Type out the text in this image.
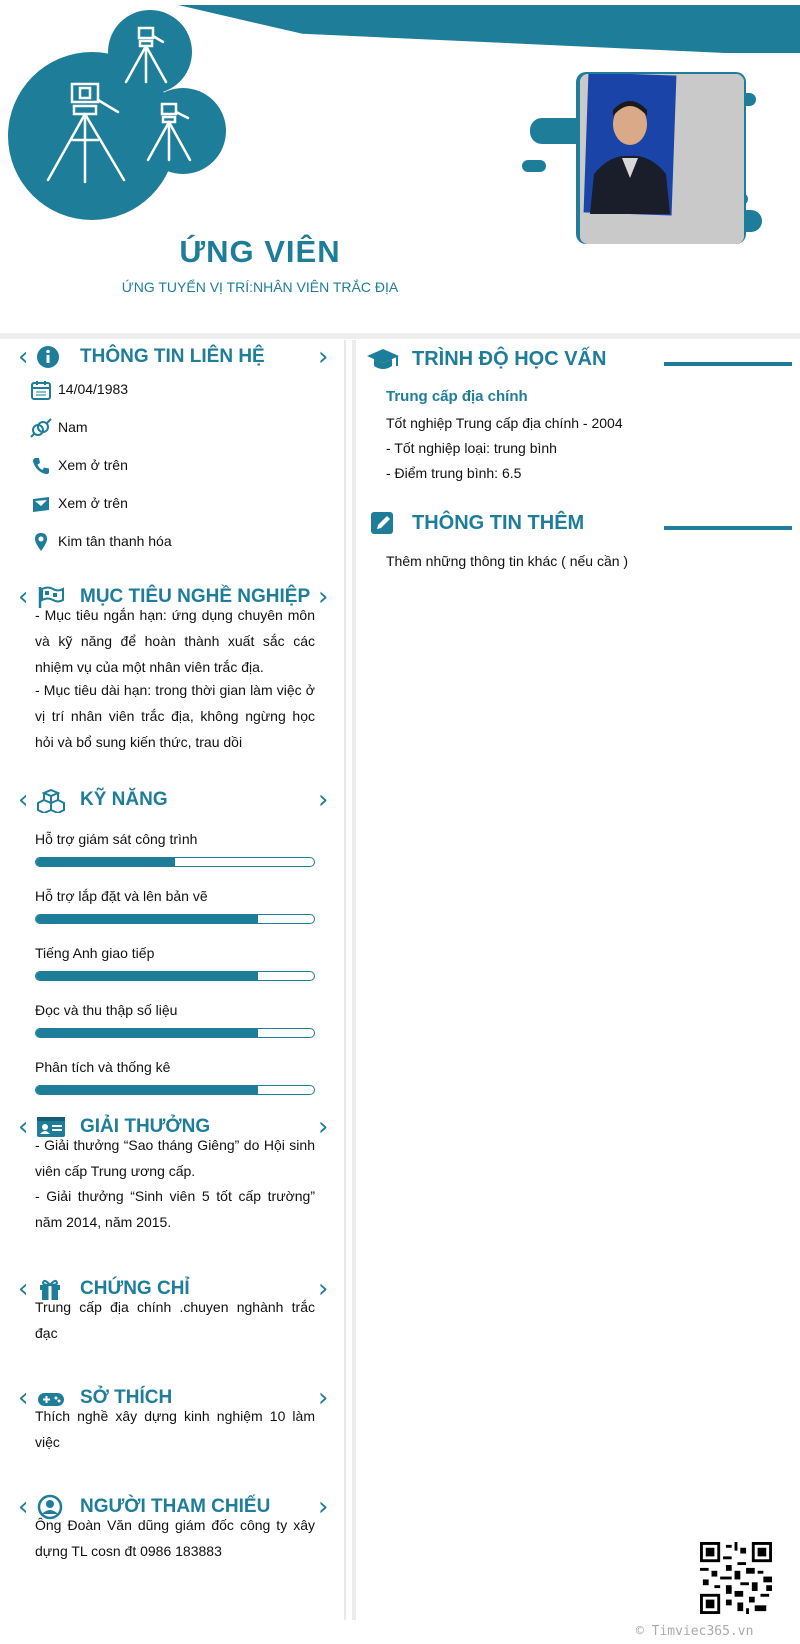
ỨNG VIÊN
ỨNG TUYỂN VỊ TRÍ:NHÂN VIÊN TRẮC ĐỊA
‹	THÔNG TIN LIÊN HỆ ›
14/04/1983
Nam
Xem ở trên
Xem ở trên
Kim tân thanh hóa
‹	MỤC TIÊU NGHỀ NGHIỆP ›
- Mục tiêu ngắn hạn: ứng dụng chuyên môn và kỹ năng để hoàn thành xuất sắc các nhiệm vụ của một nhân viên trắc địa.
- Mục tiêu dài hạn: trong thời gian làm việc ở vị trí nhân viên trắc địa, không ngừng học hỏi và bổ sung kiến thức, trau dồi
‹	KỸ NĂNG	›
Hỗ trợ giám sát công trình
Hỗ trợ lắp đặt và lên bản vẽ
Tiếng Anh giao tiếp
Đọc và thu thập số liệu
Phân tích và thống kê
‹	GIẢI THƯỞNG	›
- Giải thưởng “Sao tháng Giêng” do Hội sinh viên cấp Trung ương cấp.
- Giải thưởng “Sinh viên 5 tốt cấp trường” năm 2014, năm 2015.
‹	CHỨNG CHỈ	›
Trung cấp địa chính .chuyen nghành trắc đạc
‹	SỞ THÍCH	›
Thích nghề xây dựng kinh nghiệm 10 làm việc
‹	NGƯỜI THAM CHIẾU ›
Ông Đoàn Văn dũng giám đốc công ty xây dựng TL cosn đt 0986 183883
TRÌNH ĐỘ HỌC VẤN
Trung cấp địa chính
Tốt nghiệp Trung cấp địa chính - 2004
- Tốt nghiệp loại: trung bình
- Điểm trung bình: 6.5
THÔNG TIN THÊM
Thêm những thông tin khác ( nếu cần )
© Timviec365.vn
